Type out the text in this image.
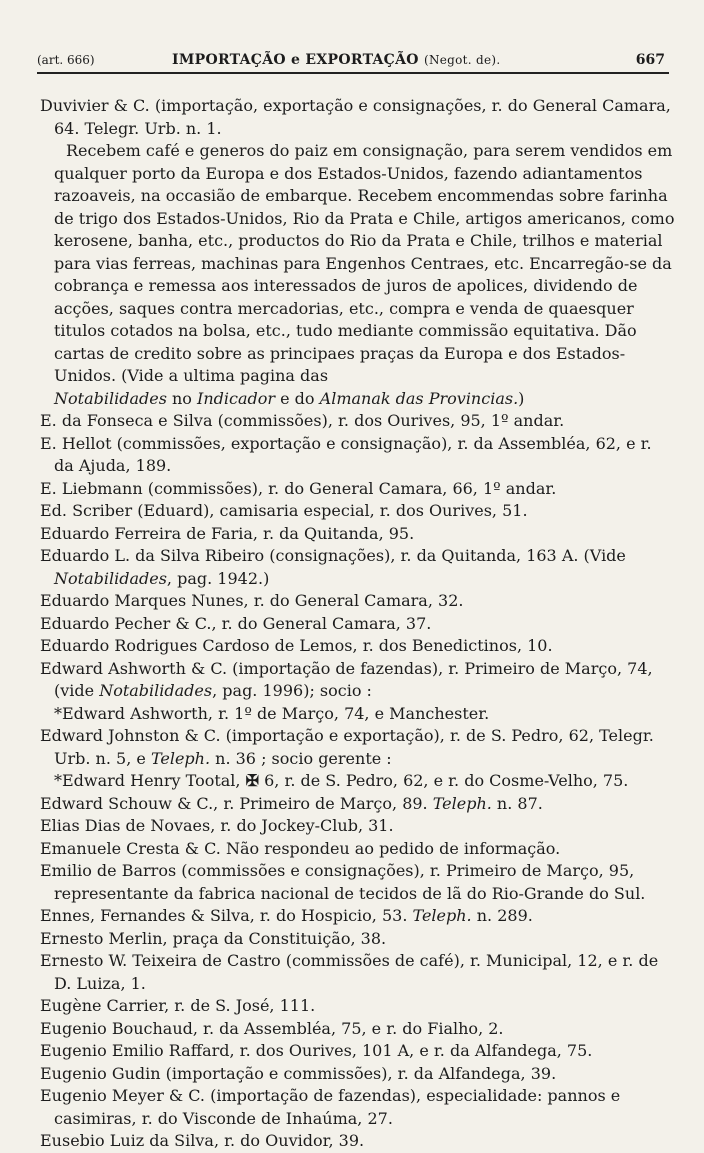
(art. 666)	IMPORTAÇÃO e EXPORTAÇÃO (Negot. de).	667

Duvivier & C. (importação, exportação e consignações, r. do General Camara, 64. Telegr. Urb. n. 1.

Recebem café e generos do paiz em consignação, para serem vendidos em qualquer porto da Europa e dos Estados-Unidos, fazendo adiantamentos razoaveis, na occasião de embarque. Recebem encommendas sobre farinha de trigo dos Estados-Unidos, Rio da Prata e Chile, artigos americanos, como kerosene, banha, etc., productos do Rio da Prata e Chile, trilhos e material para vias ferreas, machinas para Engenhos Centraes, etc. Encarregão-se da cobrança e remessa aos interessados de juros de apolices, dividendo de acções, saques contra mercadorias, etc., compra e venda de quaesquer titulos cotados na bolsa, etc., tudo mediante commissão equitativa. Dão cartas de credito sobre as principaes praças da Europa e dos Estados-Unidos. (Vide a ultima pagina dasNotabilidades no Indicador e do Almanak das Provincias.)

E. da Fonseca e Silva (commissões), r. dos Ourives, 95, 1º andar.

E. Hellot (commissões, exportação e consignação), r. da Assembléa, 62, e r. da Ajuda, 189.

E. Liebmann (commissões), r. do General Camara, 66, 1º andar.

Ed. Scriber (Eduard), camisaria especial, r. dos Ourives, 51.

Eduardo Ferreira de Faria, r. da Quitanda, 95.

Eduardo L. da Silva Ribeiro (consignações), r. da Quitanda, 163 A. (Vide Notabilidades, pag. 1942.)

Eduardo Marques Nunes, r. do General Camara, 32.

Eduardo Pecher & C., r. do General Camara, 37.

Eduardo Rodrigues Cardoso de Lemos, r. dos Benedictinos, 10.

Edward Ashworth & C. (importação de fazendas), r. Primeiro de Março, 74, (vide Notabilidades, pag. 1996); socio :

*Edward Ashworth, r. 1º de Março, 74, e Manchester.

Edward Johnston & C. (importação e exportação), r. de S. Pedro, 62, Telegr. Urb. n. 5, e Teleph. n. 36 ; socio gerente :

*Edward Henry Tootal, ✠ 6, r. de S. Pedro, 62, e r. do Cosme-Velho, 75.

Edward Schouw & C., r. Primeiro de Março, 89. Teleph. n. 87.

Elias Dias de Novaes, r. do Jockey-Club, 31.

Emanuele Cresta & C. Não respondeu ao pedido de informação.

Emilio de Barros (commissões e consignações), r. Primeiro de Março, 95, representante da fabrica nacional de tecidos de lã do Rio-Grande do Sul.

Ennes, Fernandes & Silva, r. do Hospicio, 53. Teleph. n. 289.

Ernesto Merlin, praça da Constituição, 38.

Ernesto W. Teixeira de Castro (commissões de café), r. Municipal, 12, e r. de D. Luiza, 1.

Eugène Carrier, r. de S. José, 111.

Eugenio Bouchaud, r. da Assembléa, 75, e r. do Fialho, 2.

Eugenio Emilio Raffard, r. dos Ourives, 101 A, e r. da Alfandega, 75.

Eugenio Gudin (importação e commissões), r. da Alfandega, 39.

Eugenio Meyer & C. (importação de fazendas), especialidade: pannos e casimiras, r. do Visconde de Inhaúma, 27.

Eusebio Luiz da Silva, r. do Ouvidor, 39.
